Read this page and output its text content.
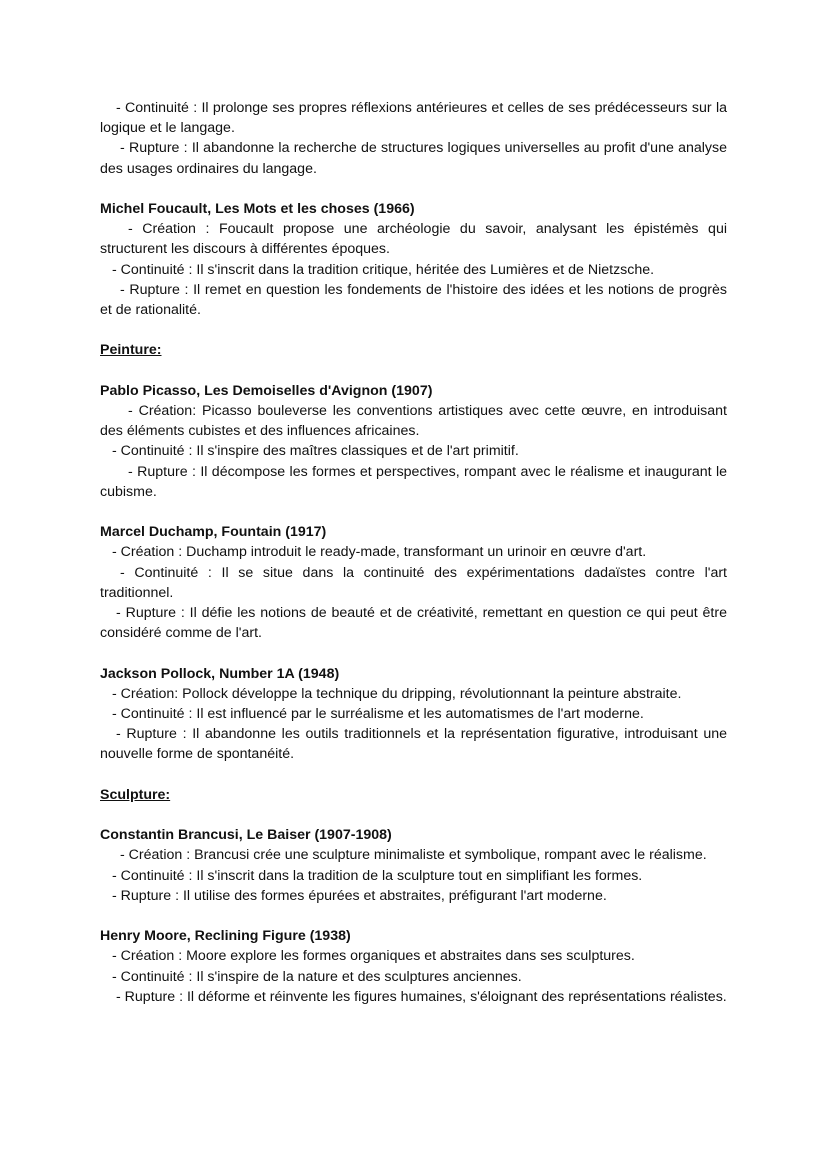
- Continuité : Il prolonge ses propres réflexions antérieures et celles de ses prédécesseurs sur la logique et le langage.

- Rupture : Il abandonne la recherche de structures logiques universelles au profit d'une analyse des usages ordinaires du langage.

Michel Foucault, Les Mots et les choses (1966)

- Création : Foucault propose une archéologie du savoir, analysant les épistémès qui structurent les discours à différentes époques.

- Continuité : Il s'inscrit dans la tradition critique, héritée des Lumières et de Nietzsche.

- Rupture : Il remet en question les fondements de l'histoire des idées et les notions de progrès et de rationalité.

Peinture:

Pablo Picasso, Les Demoiselles d'Avignon (1907)

- Création: Picasso bouleverse les conventions artistiques avec cette œuvre, en introduisant des éléments cubistes et des influences africaines.

- Continuité : Il s'inspire des maîtres classiques et de l'art primitif.

- Rupture : Il décompose les formes et perspectives, rompant avec le réalisme et inaugurant le cubisme.

Marcel Duchamp, Fountain (1917)

- Création : Duchamp introduit le ready-made, transformant un urinoir en œuvre d'art.

- Continuité : Il se situe dans la continuité des expérimentations dadaïstes contre l'art traditionnel.

- Rupture : Il défie les notions de beauté et de créativité, remettant en question ce qui peut être considéré comme de l'art.

Jackson Pollock, Number 1A (1948)

- Création: Pollock développe la technique du dripping, révolutionnant la peinture abstraite.

- Continuité : Il est influencé par le surréalisme et les automatismes de l'art moderne.

- Rupture : Il abandonne les outils traditionnels et la représentation figurative, introduisant une nouvelle forme de spontanéité.

Sculpture:

Constantin Brancusi, Le Baiser (1907-1908)

- Création : Brancusi crée une sculpture minimaliste et symbolique, rompant avec le réalisme.

- Continuité : Il s'inscrit dans la tradition de la sculpture tout en simplifiant les formes.

- Rupture : Il utilise des formes épurées et abstraites, préfigurant l'art moderne.

Henry Moore, Reclining Figure (1938)

- Création : Moore explore les formes organiques et abstraites dans ses sculptures.

- Continuité : Il s'inspire de la nature et des sculptures anciennes.

- Rupture : Il déforme et réinvente les figures humaines, s'éloignant des représentations réalistes.
